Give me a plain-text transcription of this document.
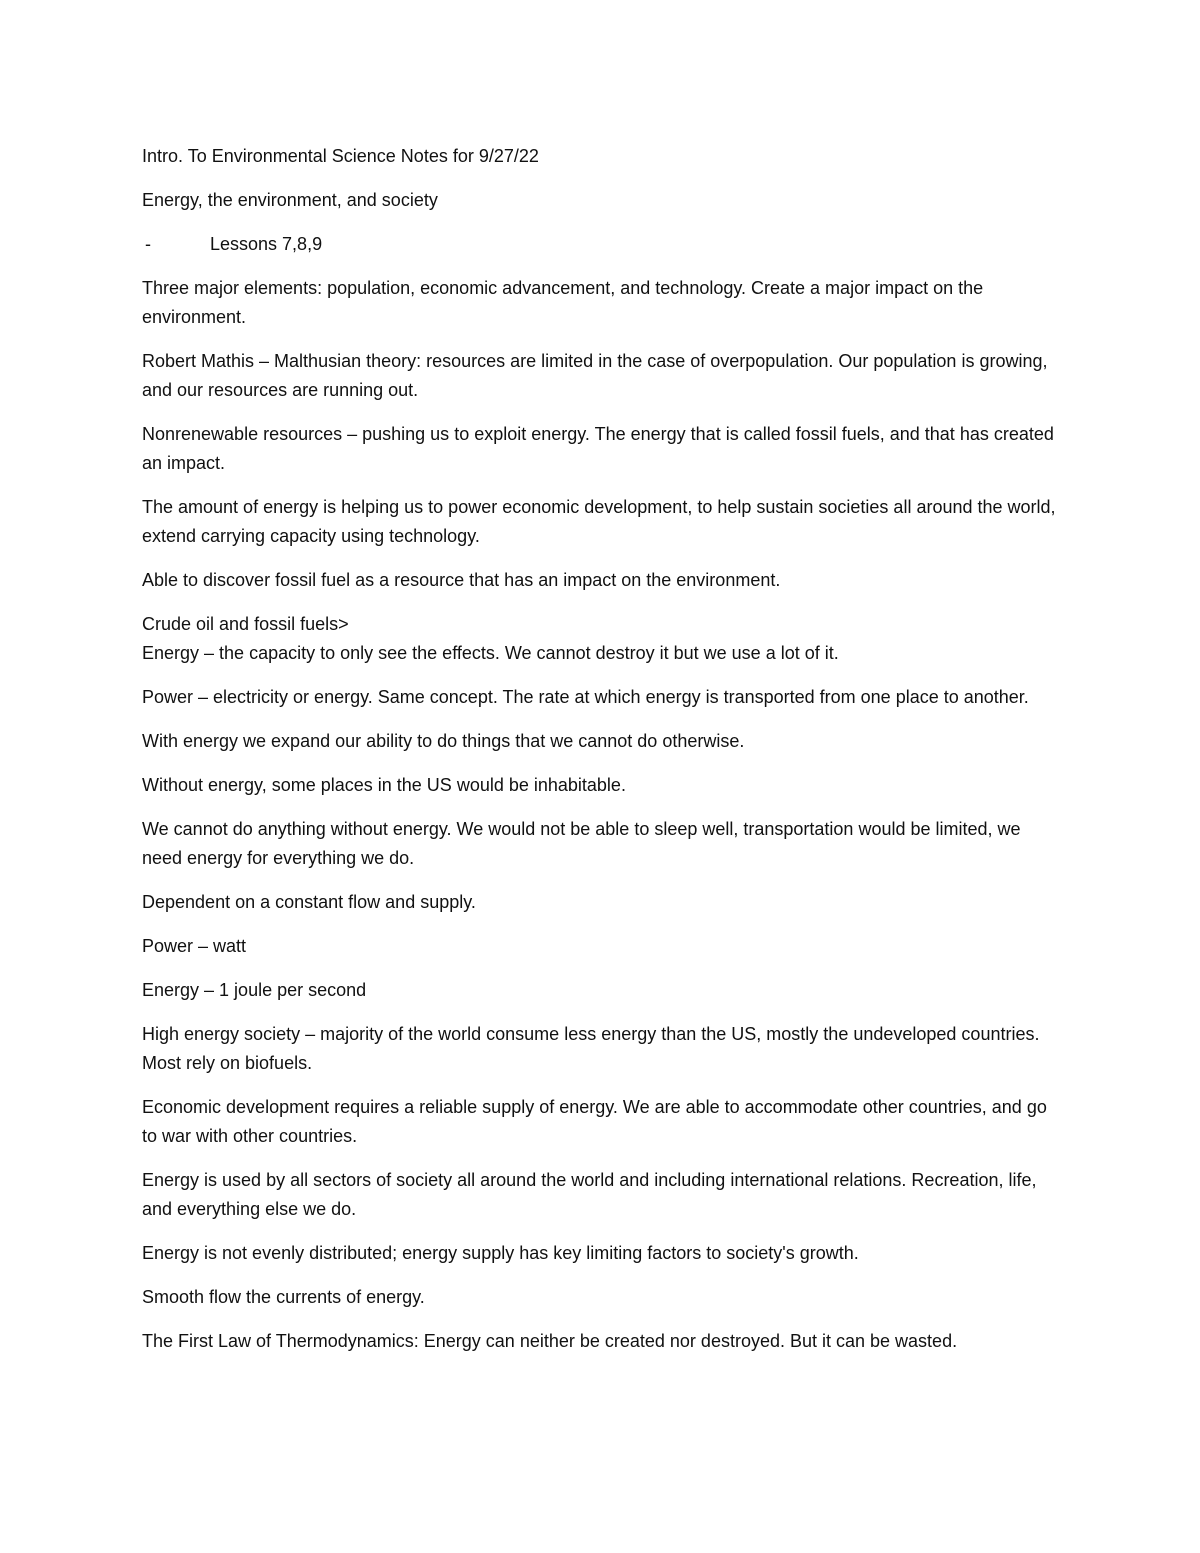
Intro. To Environmental Science Notes for 9/27/22

Energy, the environment, and society

-	Lessons 7,8,9

Three major elements: population, economic advancement, and technology. Create a major impact on the environment.

Robert Mathis – Malthusian theory: resources are limited in the case of overpopulation. Our population is growing, and our resources are running out.

Nonrenewable resources – pushing us to exploit energy. The energy that is called fossil fuels, and that has created an impact.

The amount of energy is helping us to power economic development, to help sustain societies all around the world, extend carrying capacity using technology.

Able to discover fossil fuel as a resource that has an impact on the environment.

Crude oil and fossil fuels>

Energy – the capacity to only see the effects. We cannot destroy it but we use a lot of it.

Power – electricity or energy. Same concept. The rate at which energy is transported from one place to another.

With energy we expand our ability to do things that we cannot do otherwise.

Without energy, some places in the US would be inhabitable.

We cannot do anything without energy. We would not be able to sleep well, transportation would be limited, we need energy for everything we do.

Dependent on a constant flow and supply.

Power – watt

Energy – 1 joule per second

High energy society – majority of the world consume less energy than the US, mostly the undeveloped countries. Most rely on biofuels.

Economic development requires a reliable supply of energy. We are able to accommodate other countries, and go to war with other countries.

Energy is used by all sectors of society all around the world and including international relations. Recreation, life, and everything else we do.

Energy is not evenly distributed; energy supply has key limiting factors to society's growth.

Smooth flow the currents of energy.

The First Law of Thermodynamics: Energy can neither be created nor destroyed. But it can be wasted.
